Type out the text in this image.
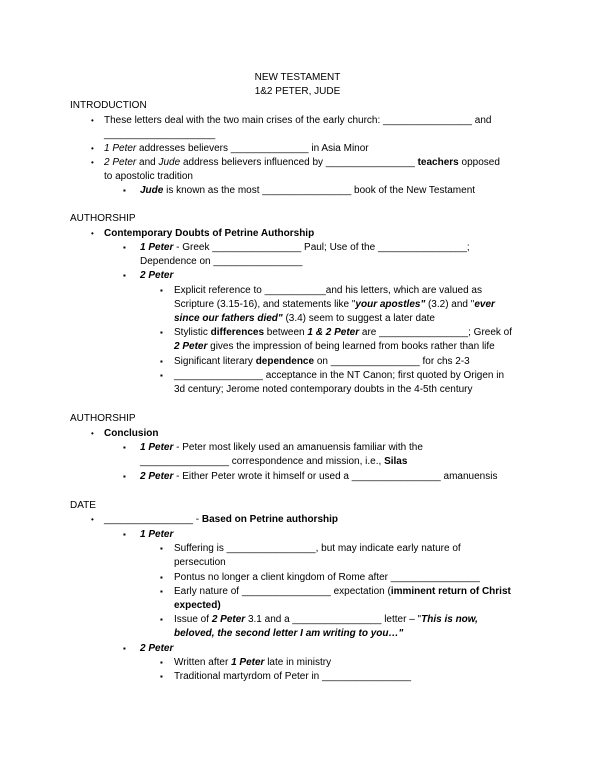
NEW TESTAMENT
1&2 PETER, JUDE
INTRODUCTION
•	These letters deal with the two main crises of the early church: ________________ and
____________________
•	1 Peter addresses believers ______________ in Asia Minor
•	2 Peter and Jude address believers influenced by ________________ teachers opposed
to apostolic tradition
▪	Jude is known as the most ________________ book of the New Testament
AUTHORSHIP
•	Contemporary Doubts of Petrine Authorship
▪	1 Peter - Greek ________________ Paul; Use of the ________________;
Dependence on ________________
▪	2 Peter
▪	Explicit reference to ___________and his letters, which are valued as
Scripture (3.15-16), and statements like "your apostles" (3.2) and "ever
since our fathers died" (3.4) seem to suggest a later date
▪	Stylistic differences between 1 & 2 Peter are ________________; Greek of
2 Peter gives the impression of being learned from books rather than life
▪	Significant literary dependence on ________________ for chs 2-3
▪	________________ acceptance in the NT Canon; first quoted by Origen in
3d century; Jerome noted contemporary doubts in the 4-5th century
AUTHORSHIP
•	Conclusion
▪	1 Peter - Peter most likely used an amanuensis familiar with the
________________ correspondence and mission, i.e., Silas
▪	2 Peter - Either Peter wrote it himself or used a ________________ amanuensis
DATE
•	________________ - Based on Petrine authorship
▪	1 Peter
▪	Suffering is ________________, but may indicate early nature of
persecution
▪	Pontus no longer a client kingdom of Rome after ________________
▪	Early nature of ________________ expectation (imminent return of Christ
expected)
▪	Issue of 2 Peter 3.1 and a ________________ letter – "This is now,
beloved, the second letter I am writing to you…"
▪	2 Peter
▪	Written after 1 Peter late in ministry
▪	Traditional martyrdom of Peter in ________________
